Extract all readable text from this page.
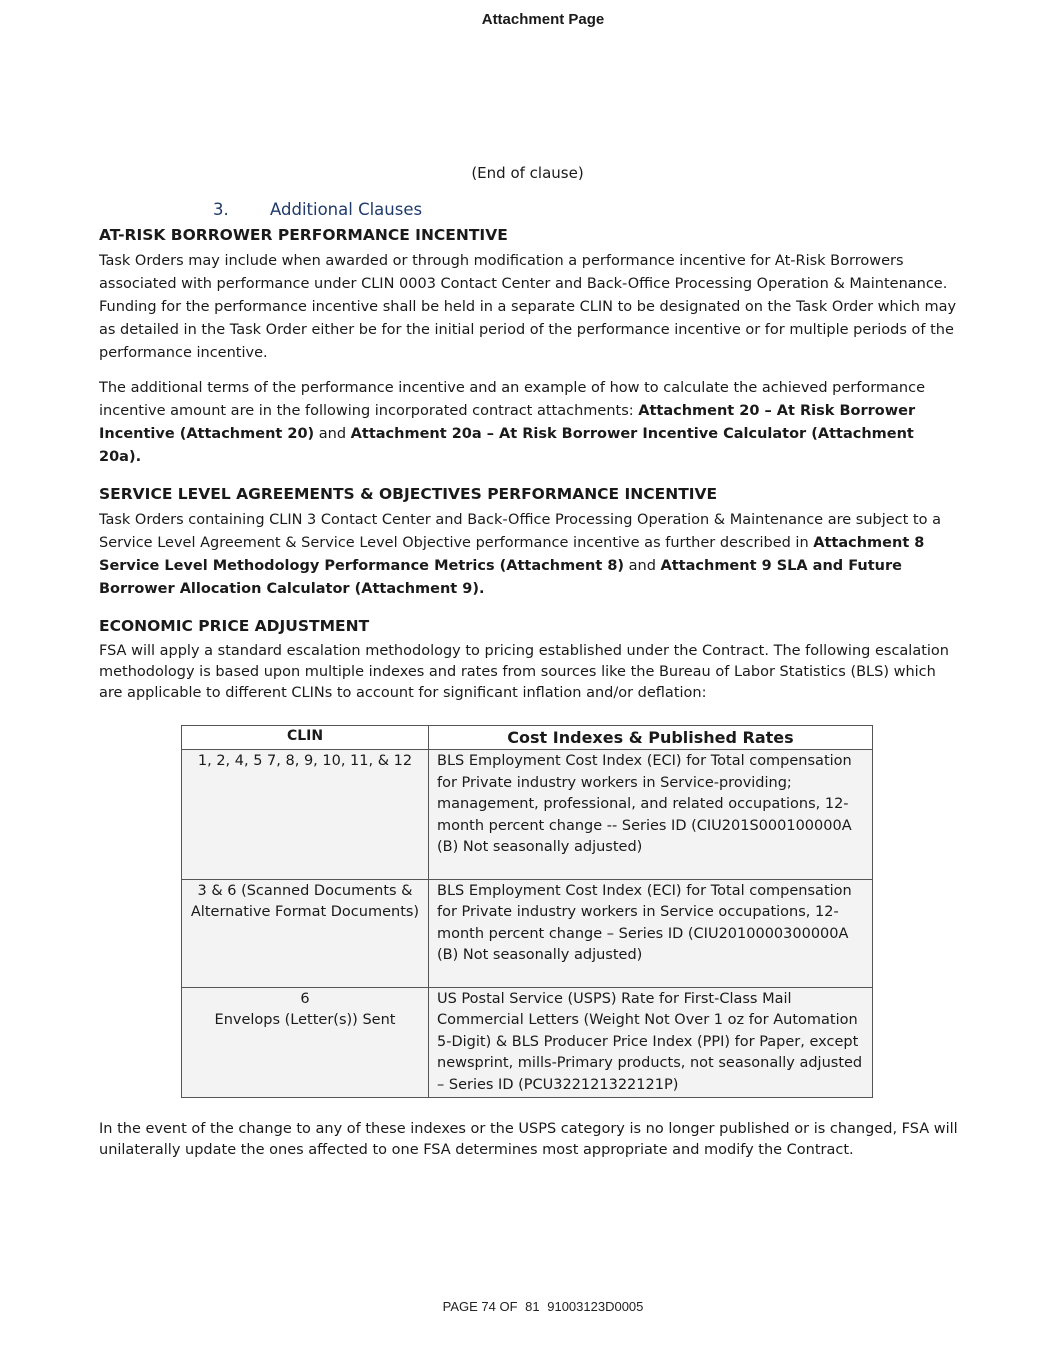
Attachment Page
(End of clause)
3.	Additional Clauses
AT-RISK BORROWER PERFORMANCE INCENTIVE

Task Orders may include when awarded or through modification a performance incentive for At-Risk Borrowers associated with performance under CLIN 0003 Contact Center and Back-Office Processing Operation & Maintenance. Funding for the performance incentive shall be held in a separate CLIN to be designated on the Task Order which may as detailed in the Task Order either be for the initial period of the performance incentive or for multiple periods of the performance incentive.

The additional terms of the performance incentive and an example of how to calculate the achieved performance incentive amount are in the following incorporated contract attachments: Attachment 20 – At Risk Borrower Incentive (Attachment 20) and Attachment 20a – At Risk Borrower Incentive Calculator (Attachment 20a).

SERVICE LEVEL AGREEMENTS & OBJECTIVES PERFORMANCE INCENTIVE

Task Orders containing CLIN 3 Contact Center and Back-Office Processing Operation & Maintenance are subject to a Service Level Agreement & Service Level Objective performance incentive as further described in Attachment 8 Service Level Methodology Performance Metrics (Attachment 8) and Attachment 9 SLA and Future Borrower Allocation Calculator (Attachment 9).

ECONOMIC PRICE ADJUSTMENT

FSA will apply a standard escalation methodology to pricing established under the Contract. The following escalation methodology is based upon multiple indexes and rates from sources like the Bureau of Labor Statistics (BLS) which are applicable to different CLINs to account for significant inflation and/or deflation:

CLIN	Cost Indexes & Published Rates

1, 2, 4, 5 7, 8, 9, 10, 11, & 12	BLS Employment Cost Index (ECI) for Total compensation for Private industry workers in Service-providing; management, professional, and related occupations, 12-month percent change -- Series ID (CIU201S000100000A (B) Not seasonally adjusted)

3 & 6 (Scanned Documents &
Alternative Format Documents)	BLS Employment Cost Index (ECI) for Total compensation for Private industry workers in Service occupations, 12-month percent change – Series ID (CIU2010000300000A (B) Not seasonally adjusted)

6
Envelops (Letter(s)) Sent	US Postal Service (USPS) Rate for First-Class Mail Commercial Letters (Weight Not Over 1 oz for Automation 5-Digit) & BLS Producer Price Index (PPI) for Paper, except newsprint, mills-Primary products, not seasonally adjusted – Series ID (PCU322121322121P)

In the event of the change to any of these indexes or the USPS category is no longer published or is changed, FSA will unilaterally update the ones affected to one FSA determines most appropriate and modify the Contract.

PAGE 74 OF 81 91003123D0005
